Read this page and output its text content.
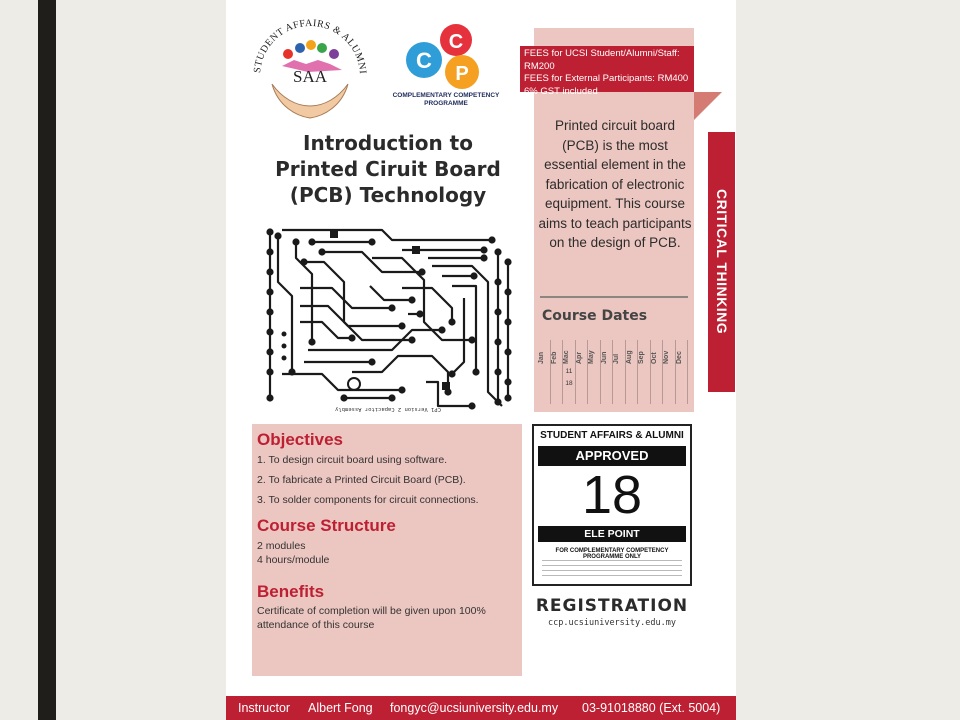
STUDENT AFFAIRS & ALUMNI
SAA
C
C
P
COMPLEMENTARY COMPETENCY
PROGRAMME
Introduction to
Printed Ciruit Board
(PCB) Technology
CP1 Version 2 Capacitor Assembly
FEES for UCSI Student/Alumni/Staff: RM200
FEES for External Participants: RM400
6% GST included
Printed circuit board (PCB) is the most essential element in the fabrication of electronic equipment. This course aims to teach participants on the design of PCB.
Course Dates
Jan Feb Mac
11
18
Apr May Jun Jul Aug Sep Oct Nov Dec
Objectives
1. To design circuit board using software.
2. To fabricate a Printed Circuit Board (PCB).
3. To solder components for circuit connections.
Course Structure
2 modules
4 hours/module
Benefits
Certificate of completion will be given upon 100% attendance of this course
STUDENT AFFAIRS & ALUMNI
APPROVED
18
ELE POINT
FOR COMPLEMENTARY COMPETENCY PROGRAMME ONLY
REGISTRATION
ccp.ucsiuniversity.edu.my
CRITICAL THINKING
Instructor Albert Fong fongyc@ucsiuniversity.edu.my 03-91018880 (Ext. 5004)
